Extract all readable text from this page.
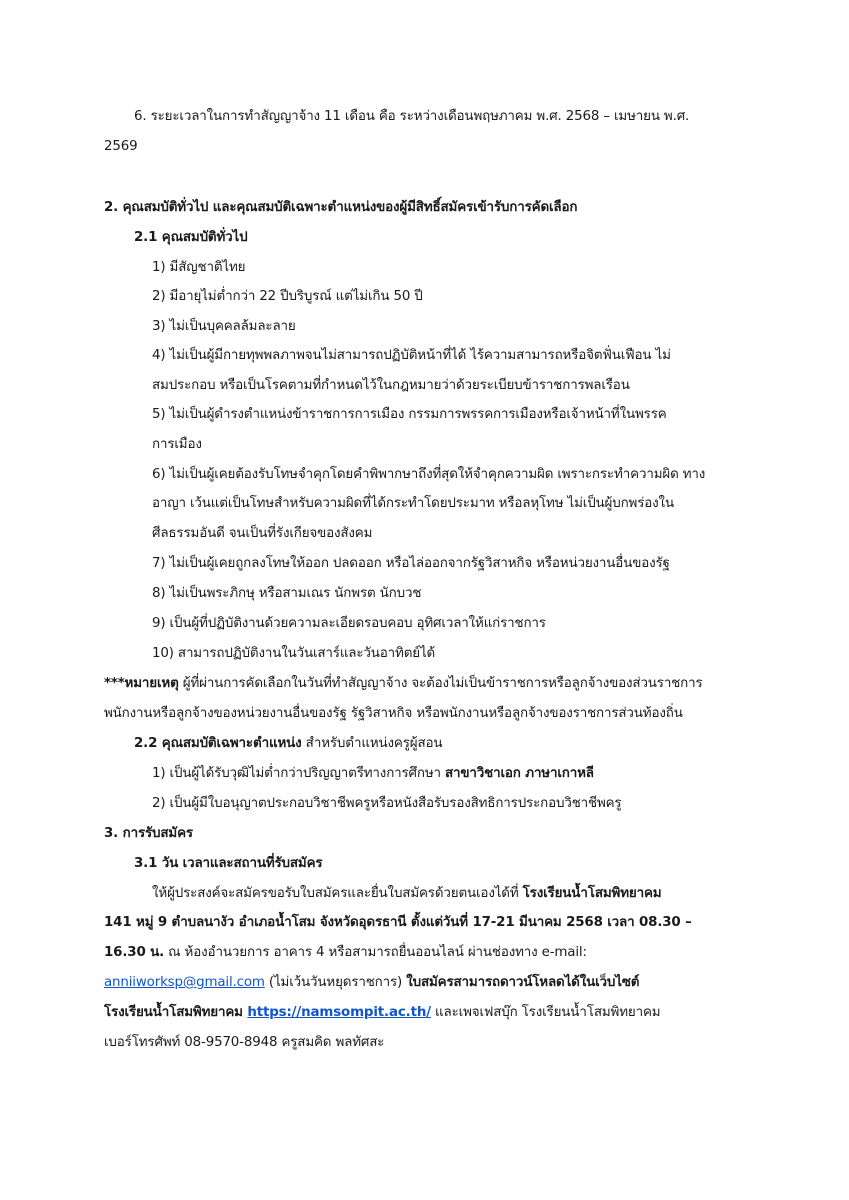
6. ระยะเวลาในการทำสัญญาจ้าง 11 เดือน คือ ระหว่างเดือนพฤษภาคม พ.ศ. 2568 – เมษายน พ.ศ.
2569
2. คุณสมบัติทั่วไป และคุณสมบัติเฉพาะตำแหน่งของผู้มีสิทธิ์สมัครเข้ารับการคัดเลือก
2.1 คุณสมบัติทั่วไป
1) มีสัญชาติไทย
2) มีอายุไม่ต่ำกว่า 22 ปีบริบูรณ์ แต่ไม่เกิน 50 ปี
3) ไม่เป็นบุคคลล้มละลาย
4) ไม่เป็นผู้มีกายทุพพลภาพจนไม่สามารถปฏิบัติหน้าที่ได้ ไร้ความสามารถหรือจิตฟั่นเฟือน ไม่
สมประกอบ หรือเป็นโรคตามที่กำหนดไว้ในกฎหมายว่าด้วยระเบียบข้าราชการพลเรือน
5) ไม่เป็นผู้ดำรงตำแหน่งข้าราชการการเมือง กรรมการพรรคการเมืองหรือเจ้าหน้าที่ในพรรค
การเมือง
6) ไม่เป็นผู้เคยต้องรับโทษจำคุกโดยคำพิพากษาถึงที่สุดให้จำคุกความผิด เพราะกระทำความผิด ทาง
อาญา เว้นแต่เป็นโทษสำหรับความผิดที่ได้กระทำโดยประมาท หรือลหุโทษ ไม่เป็นผู้บกพร่องใน
ศีลธรรมอันดี จนเป็นที่รังเกียจของสังคม
7) ไม่เป็นผู้เคยถูกลงโทษให้ออก ปลดออก หรือไล่ออกจากรัฐวิสาหกิจ หรือหน่วยงานอื่นของรัฐ
8) ไม่เป็นพระภิกษุ หรือสามเณร นักพรต นักบวช
9) เป็นผู้ที่ปฏิบัติงานด้วยความละเอียดรอบคอบ อุทิศเวลาให้แก่ราชการ
10) สามารถปฏิบัติงานในวันเสาร์และวันอาทิตย์ได้
***หมายเหตุ ผู้ที่ผ่านการคัดเลือกในวันที่ทำสัญญาจ้าง จะต้องไม่เป็นข้าราชการหรือลูกจ้างของส่วนราชการ
พนักงานหรือลูกจ้างของหน่วยงานอื่นของรัฐ รัฐวิสาหกิจ หรือพนักงานหรือลูกจ้างของราชการส่วนท้องถิ่น
2.2 คุณสมบัติเฉพาะตำแหน่ง สำหรับตำแหน่งครูผู้สอน
1) เป็นผู้ได้รับวุฒิไม่ต่ำกว่าปริญญาตรีทางการศึกษา สาขาวิชาเอก ภาษาเกาหลี
2) เป็นผู้มีใบอนุญาตประกอบวิชาชีพครูหรือหนังสือรับรองสิทธิการประกอบวิชาชีพครู
3. การรับสมัคร
3.1 วัน เวลาและสถานที่รับสมัคร
ให้ผู้ประสงค์จะสมัครขอรับใบสมัครและยื่นใบสมัครด้วยตนเองได้ที่ โรงเรียนน้ำโสมพิทยาคม
141 หมู่ 9 ตำบลนางัว อำเภอน้ำโสม จังหวัดอุดรธานี ตั้งแต่วันที่ 17-21 มีนาคม 2568 เวลา 08.30 –
16.30 น. ณ ห้องอำนวยการ อาคาร 4 หรือสามารถยื่นออนไลน์ ผ่านช่องทาง e-mail:
anniiworksp@gmail.com (ไม่เว้นวันหยุดราชการ) ใบสมัครสามารถดาวน์โหลดได้ในเว็บไซต์
โรงเรียนน้ำโสมพิทยาคม https://namsompit.ac.th/ และเพจเฟสบุ๊ก โรงเรียนน้ำโสมพิทยาคม
เบอร์โทรศัพท์ 08-9570-8948 ครูสมคิด พลทัศสะ
